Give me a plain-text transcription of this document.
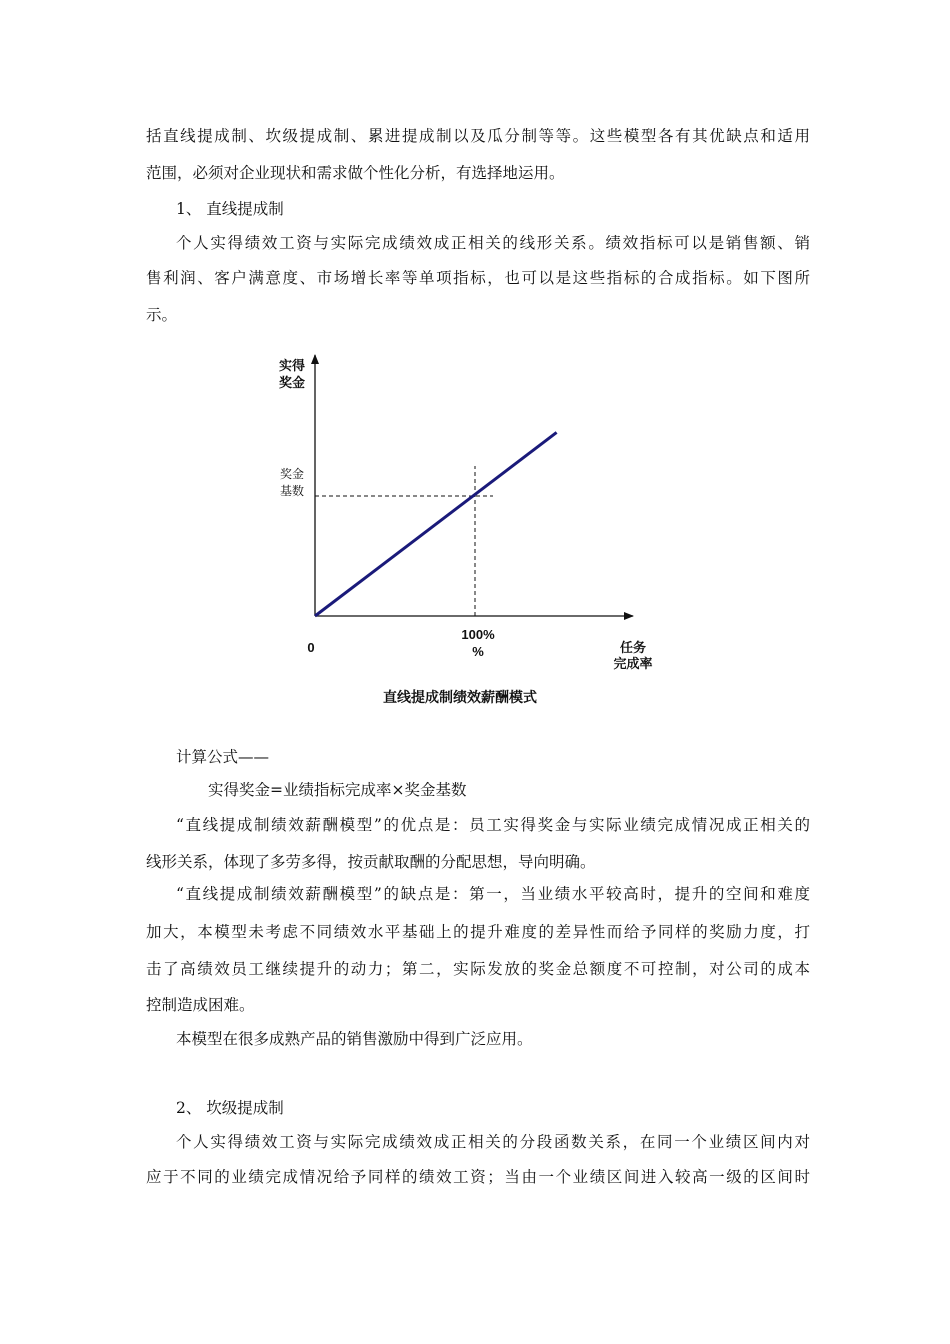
括直线提成制、坎级提成制、累进提成制以及瓜分制等等。这些模型各有其优缺点和适用
范围，必须对企业现状和需求做个性化分析，有选择地运用。
1、 直线提成制
个人实得绩效工资与实际完成绩效成正相关的线形关系。绩效指标可以是销售额、销
售利润、客户满意度、市场增长率等单项指标，也可以是这些指标的合成指标。如下图所
示。
实得
奖金
奖金
基数
0
100%
%	任务
完成率
直线提成制绩效薪酬模式
计算公式——
实得奖金=业绩指标完成率×奖金基数
“直线提成制绩效薪酬模型”的优点是：员工实得奖金与实际业绩完成情况成正相关的
线形关系，体现了多劳多得，按贡献取酬的分配思想，导向明确。
“直线提成制绩效薪酬模型”的缺点是：第一，当业绩水平较高时，提升的空间和难度
加大，本模型未考虑不同绩效水平基础上的提升难度的差异性而给予同样的奖励力度，打
击了高绩效员工继续提升的动力；第二，实际发放的奖金总额度不可控制，对公司的成本
控制造成困难。
本模型在很多成熟产品的销售激励中得到广泛应用。
2、 坎级提成制
个人实得绩效工资与实际完成绩效成正相关的分段函数关系，在同一个业绩区间内对
应于不同的业绩完成情况给予同样的绩效工资；当由一个业绩区间进入较高一级的区间时
